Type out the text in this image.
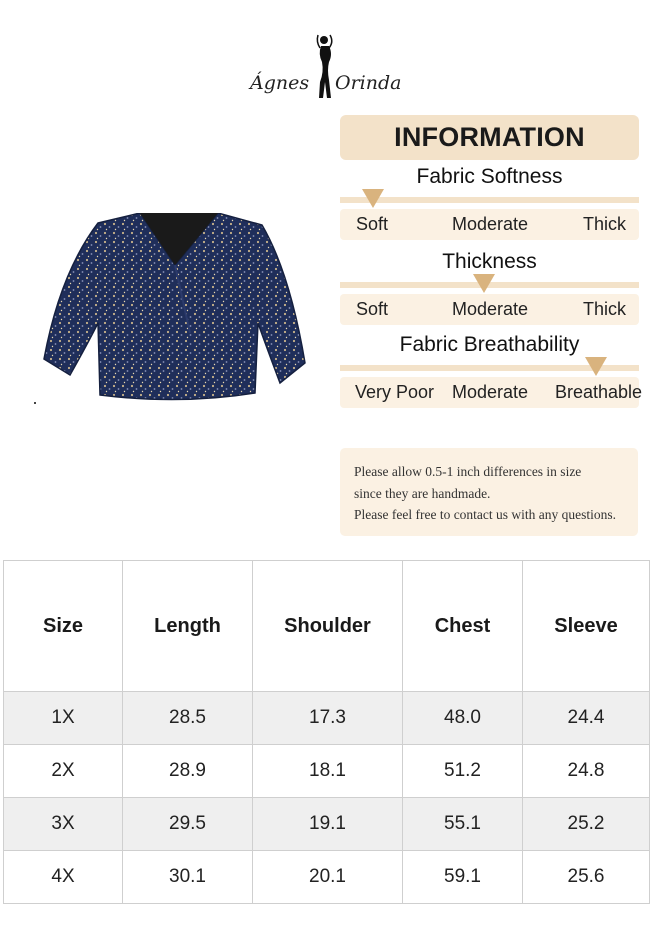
Ágnes Orinda
INFORMATION
Fabric Softness
Soft	Moderate	Thick
Thickness
Soft	Moderate	Thick
Fabric Breathability
Very Poor Moderate Breathable
Please allow 0.5-1 inch differences in size
since they are handmade.
Please feel free to contact us with any questions.
Size	Length	Shoulder	Chest	Sleeve
1X	28.5	17.3	48.0	24.4
2X	28.9	18.1	51.2	24.8
3X	29.5	19.1	55.1	25.2
4X	30.1	20.1	59.1	25.6
